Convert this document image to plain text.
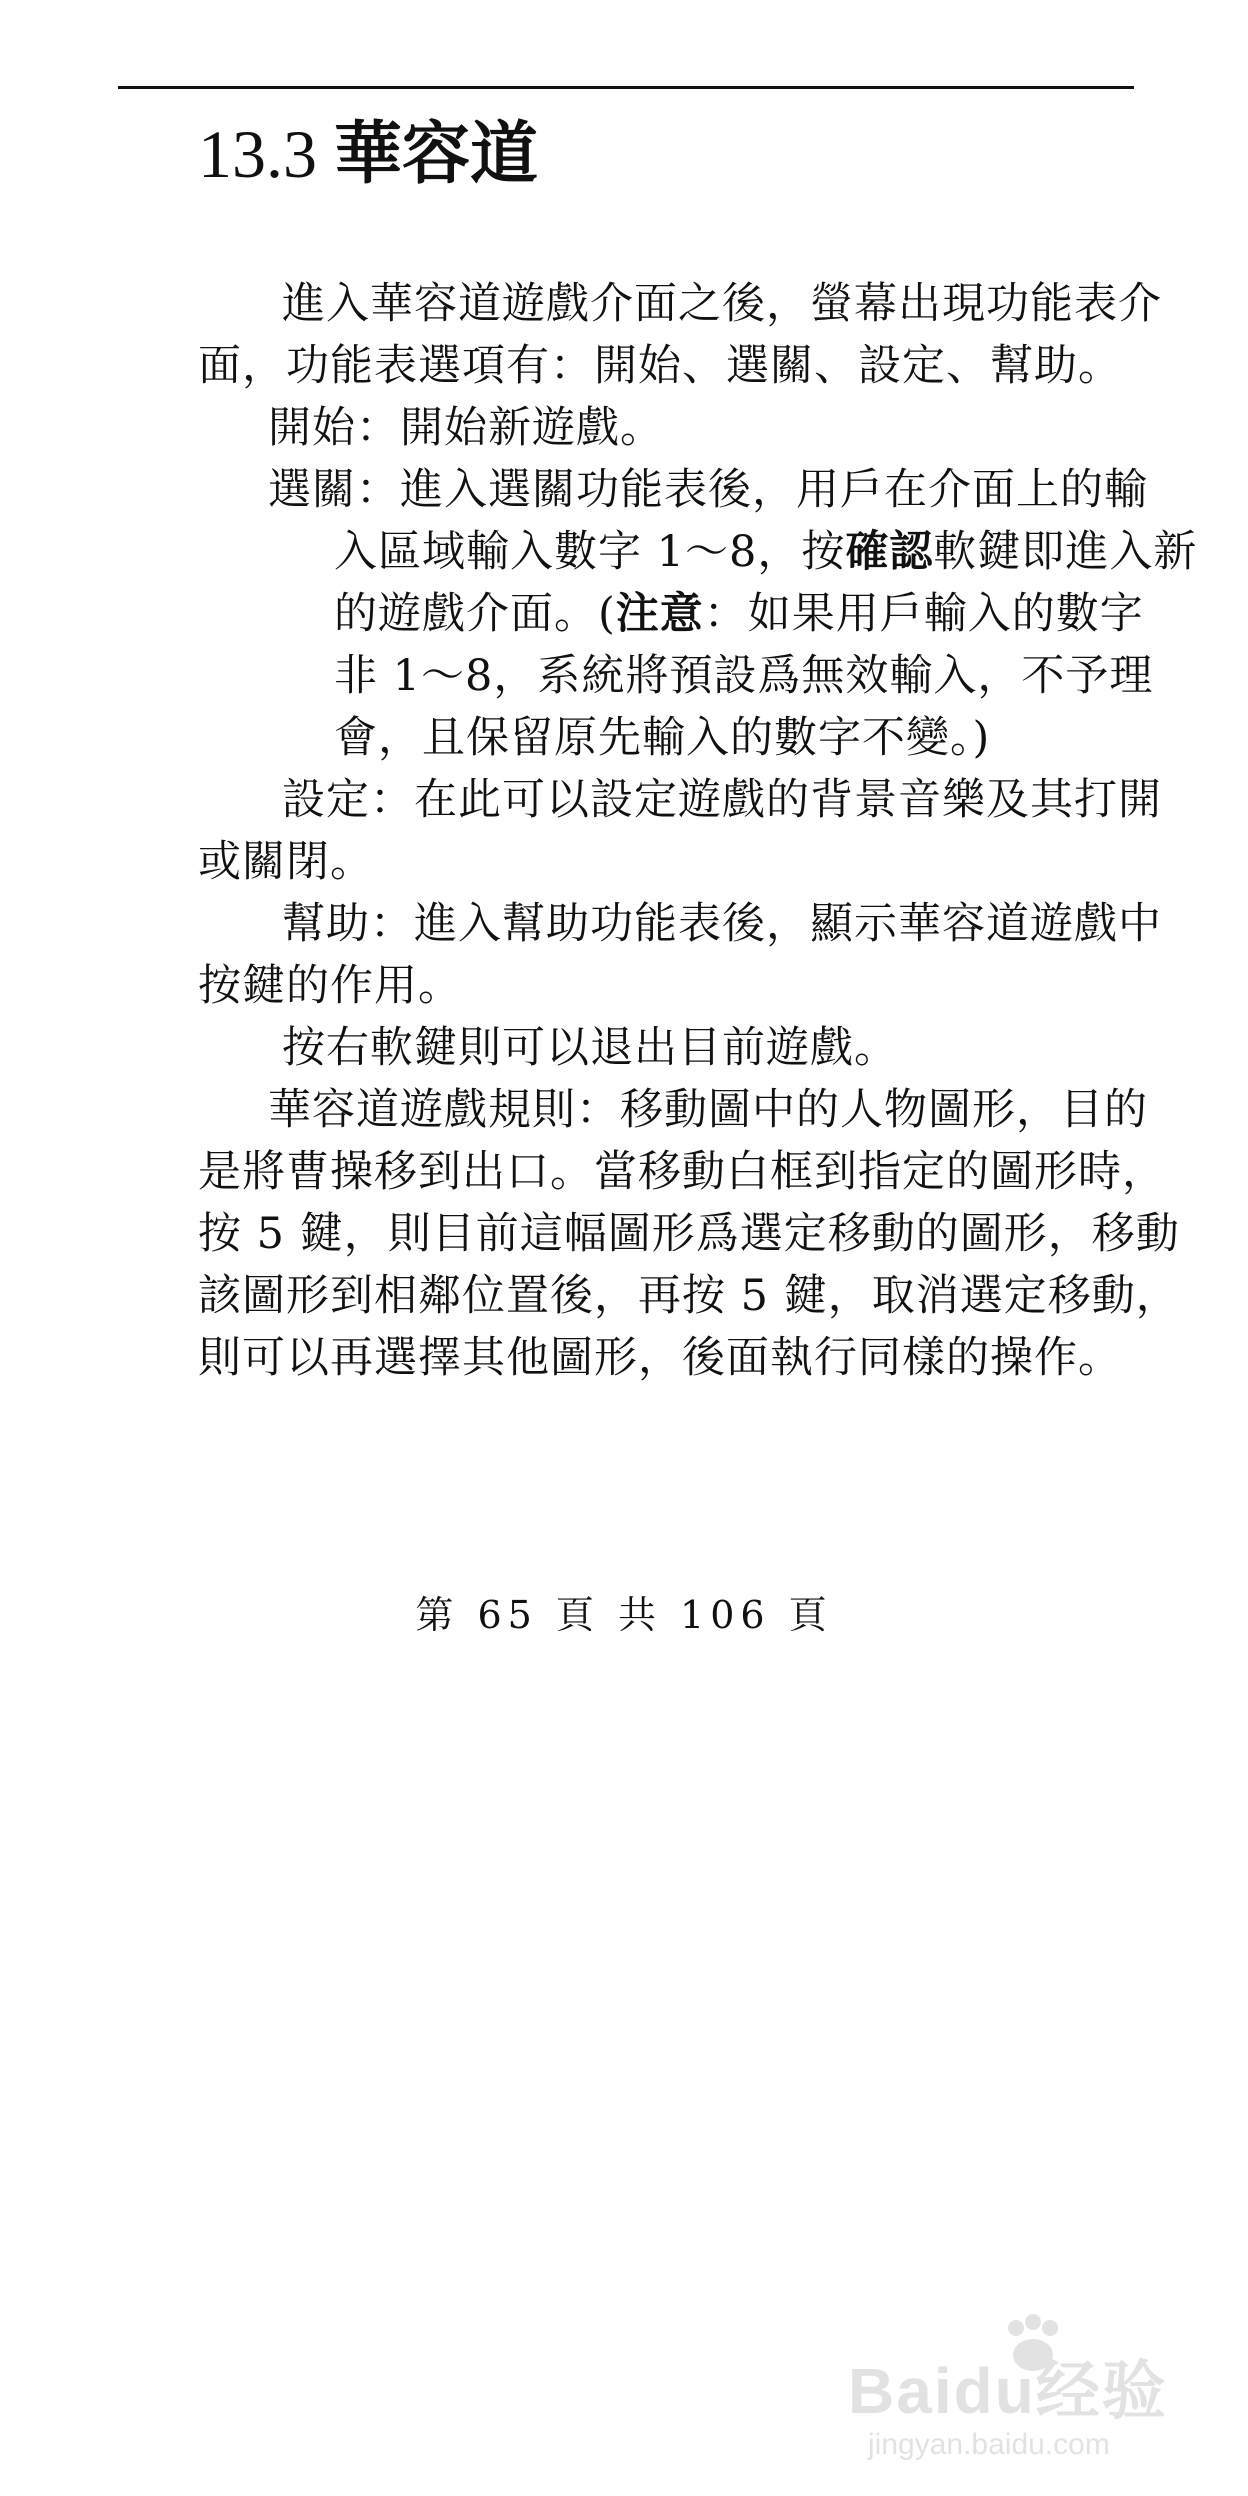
13.3 華容道
進入華容道遊戲介面之後，螢幕出現功能表介
面，功能表選項有：開始、選關、設定、幫助。
開始：開始新遊戲。
選關：進入選關功能表後，用戶在介面上的輸
入區域輸入數字 1～8，按確認軟鍵即進入新
的遊戲介面。(注意：如果用戶輸入的數字
非 1～8，系統將預設爲無效輸入，不予理
會，且保留原先輸入的數字不變。)
設定：在此可以設定遊戲的背景音樂及其打開
或關閉。
幫助：進入幫助功能表後，顯示華容道遊戲中
按鍵的作用。
按右軟鍵則可以退出目前遊戲。
華容道遊戲規則：移動圖中的人物圖形，目的
是將曹操移到出口。當移動白框到指定的圖形時，
按 5 鍵，則目前這幅圖形爲選定移動的圖形，移動
該圖形到相鄰位置後，再按 5 鍵，取消選定移動，
則可以再選擇其他圖形，後面執行同樣的操作。
第 65 頁 共 106 頁
Baidu经验
jingyan.baidu.com
